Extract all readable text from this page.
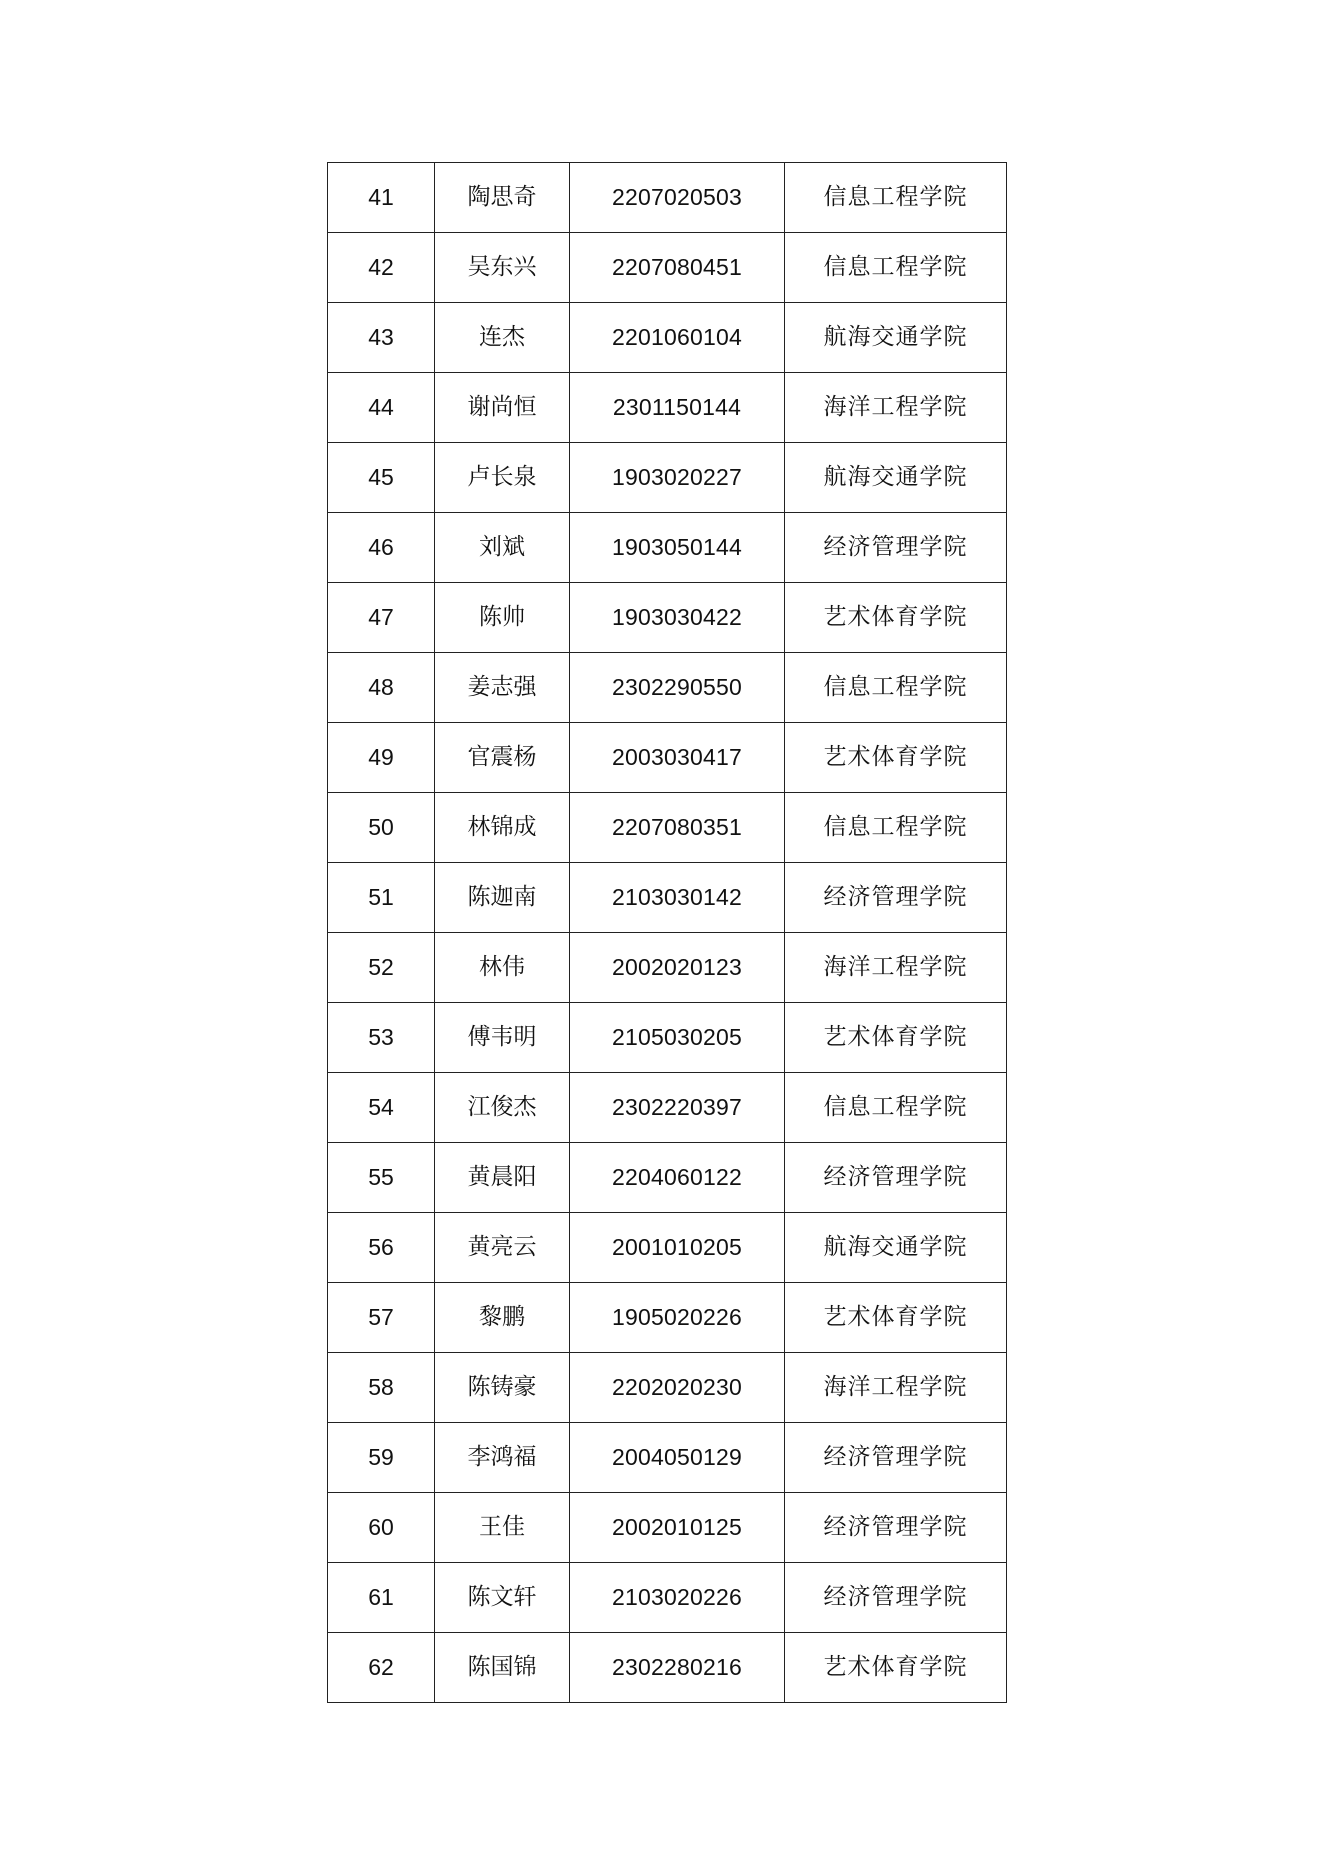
41	陶思奇	2207020503	信息工程学院
42	吴东兴	2207080451	信息工程学院
43	连杰	2201060104	航海交通学院
44	谢尚恒	2301150144	海洋工程学院
45	卢长泉	1903020227	航海交通学院
46	刘斌	1903050144	经济管理学院
47	陈帅	1903030422	艺术体育学院
48	姜志强	2302290550	信息工程学院
49	官震杨	2003030417	艺术体育学院
50	林锦成	2207080351	信息工程学院
51	陈迦南	2103030142	经济管理学院
52	林伟	2002020123	海洋工程学院
53	傅韦明	2105030205	艺术体育学院
54	江俊杰	2302220397	信息工程学院
55	黄晨阳	2204060122	经济管理学院
56	黄亮云	2001010205	航海交通学院
57	黎鹏	1905020226	艺术体育学院
58	陈铸豪	2202020230	海洋工程学院
59	李鸿福	2004050129	经济管理学院
60	王佳	2002010125	经济管理学院
61	陈文轩	2103020226	经济管理学院
62	陈国锦	2302280216	艺术体育学院
